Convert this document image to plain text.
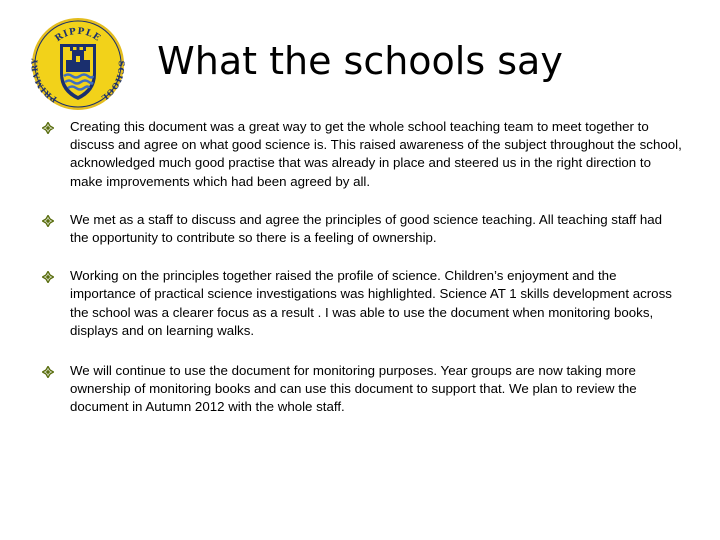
RIPPLE
PRIMARY	SCHOOL
What the schools say
Creating this document was a great way to get the whole school teaching team to meet together to discuss and agree on what good science is. This raised awareness of the subject throughout the school, acknowledged much good practise that was already in place and steered us in the right direction to make improvements which had been agreed by all.
We met as a staff to discuss and agree the principles of good science teaching. All teaching staff had the opportunity to contribute so there is a feeling of ownership.
Working on the principles together raised the profile of science. Children’s enjoyment and the importance of practical science investigations was highlighted. Science AT 1 skills development across the school was a clearer focus as a result . I was able to use the document when monitoring books, displays and on learning walks.
We will continue to use the document for monitoring purposes. Year groups are now taking more ownership of monitoring books and can use this document to support that. We plan to review the document in Autumn 2012 with the whole staff.
